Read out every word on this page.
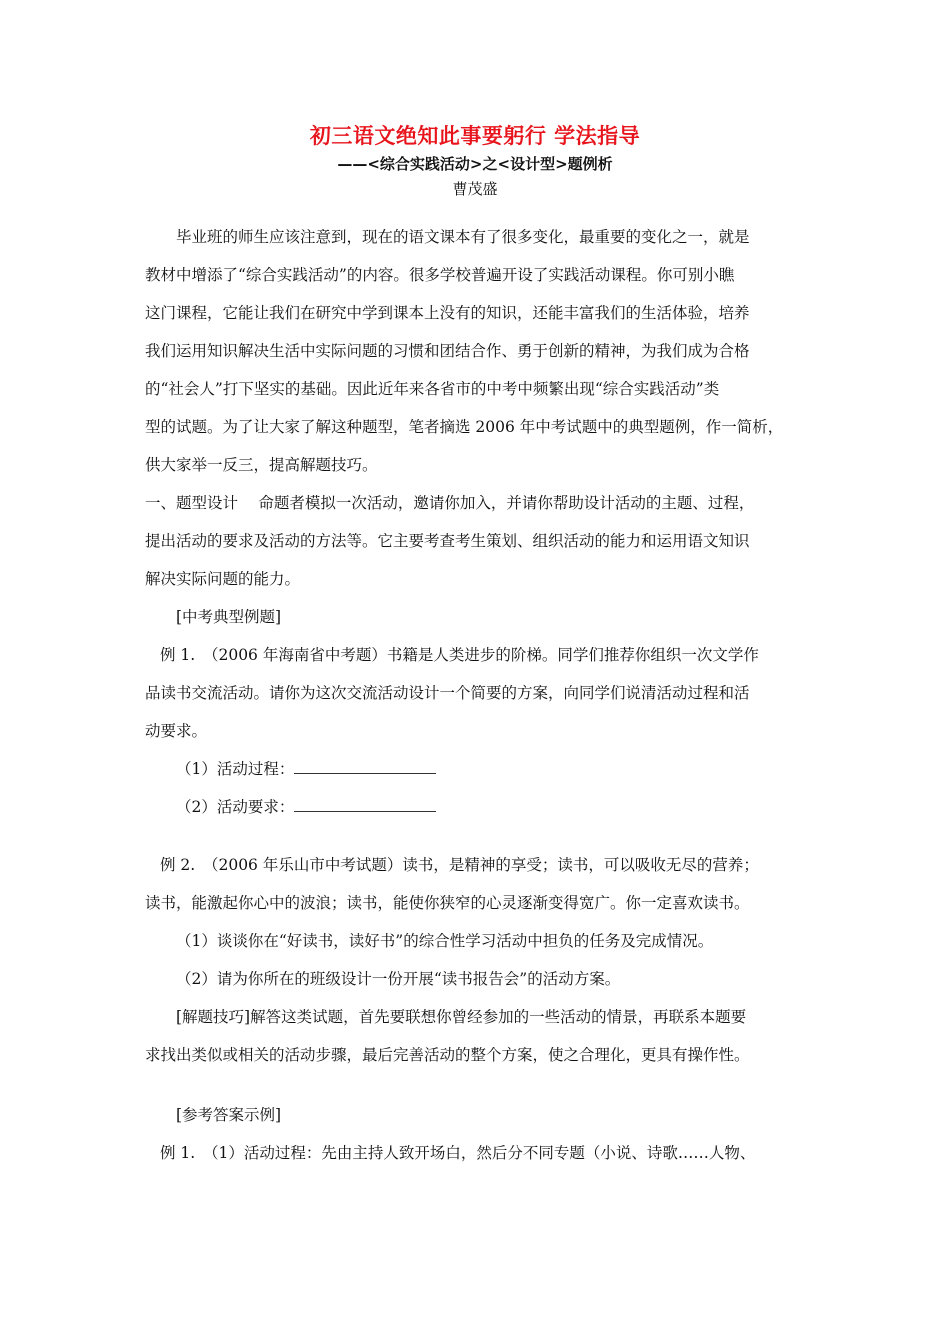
初三语文绝知此事要躬行 学法指导
——<综合实践活动>之<设计型>题例析
曹茂盛
毕业班的师生应该注意到，现在的语文课本有了很多变化，最重要的变化之一，就是
教材中增添了“综合实践活动”的内容。很多学校普遍开设了实践活动课程。你可别小瞧
这门课程，它能让我们在研究中学到课本上没有的知识，还能丰富我们的生活体验，培养
我们运用知识解决生活中实际问题的习惯和团结合作、勇于创新的精神，为我们成为合格
的“社会人”打下坚实的基础。因此近年来各省市的中考中频繁出现“综合实践活动”类
型的试题。为了让大家了解这种题型，笔者摘选 2006 年中考试题中的典型题例，作一简析，
供大家举一反三，提高解题技巧。
一、题型设计　 命题者模拟一次活动，邀请你加入，并请你帮助设计活动的主题、过程，
提出活动的要求及活动的方法等。它主要考查考生策划、组织活动的能力和运用语文知识
解决实际问题的能力。
[中考典型例题]
例 1.　（2006 年海南省中考题）书籍是人类进步的阶梯。同学们推荐你组织一次文学作
品读书交流活动。请你为这次交流活动设计一个简要的方案，向同学们说清活动过程和活
动要求。
（1）活动过程：
（2）活动要求：
例 2.　（2006 年乐山市中考试题）读书，是精神的享受；读书，可以吸收无尽的营养；
读书，能激起你心中的波浪；读书，能使你狭窄的心灵逐渐变得宽广。你一定喜欢读书。
（1）谈谈你在“好读书，读好书”的综合性学习活动中担负的任务及完成情况。
（2）请为你所在的班级设计一份开展“读书报告会”的活动方案。
[解题技巧]解答这类试题，首先要联想你曾经参加的一些活动的情景，再联系本题要
求找出类似或相关的活动步骤，最后完善活动的整个方案，使之合理化，更具有操作性。
[参考答案示例]
例 1.　（1）活动过程：先由主持人致开场白，然后分不同专题（小说、诗歌……人物、
